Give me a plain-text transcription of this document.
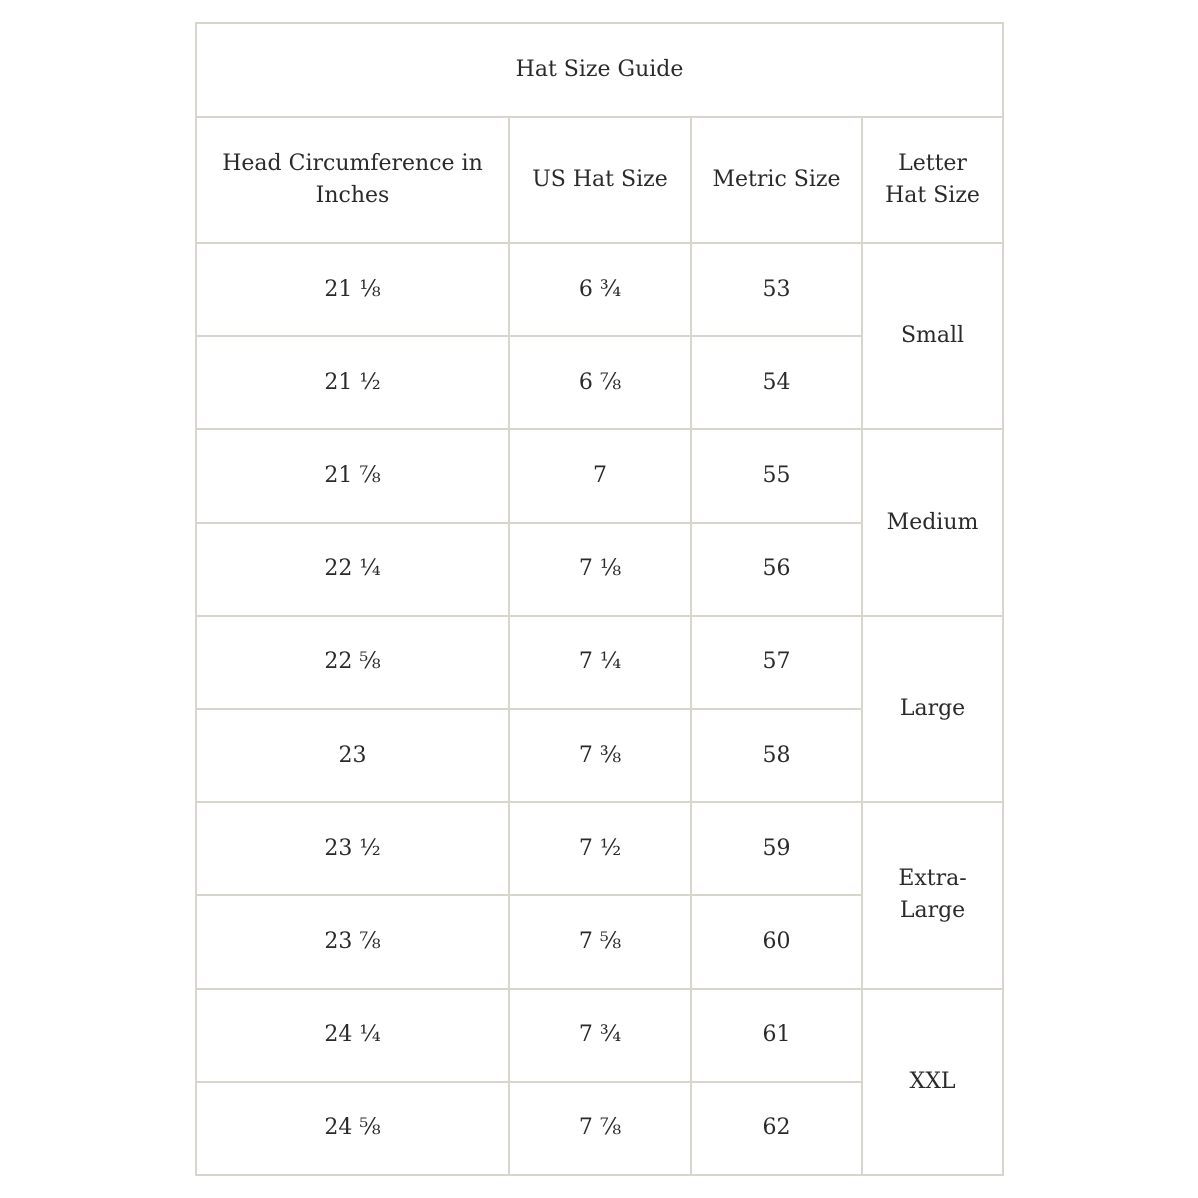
Hat Size Guide			
Head Circumference in Inches	US Hat Size	Metric Size	Letter Hat Size
21 ⅛	6 ¾	53	Small
21 ½	6 ⅞	54	
21 ⅞	7	55	Medium
22 ¼	7 ⅛	56	
22 ⅝	7 ¼	57	Large
23	7 ⅜	58	
23 ½	7 ½	59	Extra-Large
23 ⅞	7 ⅝	60	
24 ¼	7 ¾	61	XXL
24 ⅝	7 ⅞	62	
